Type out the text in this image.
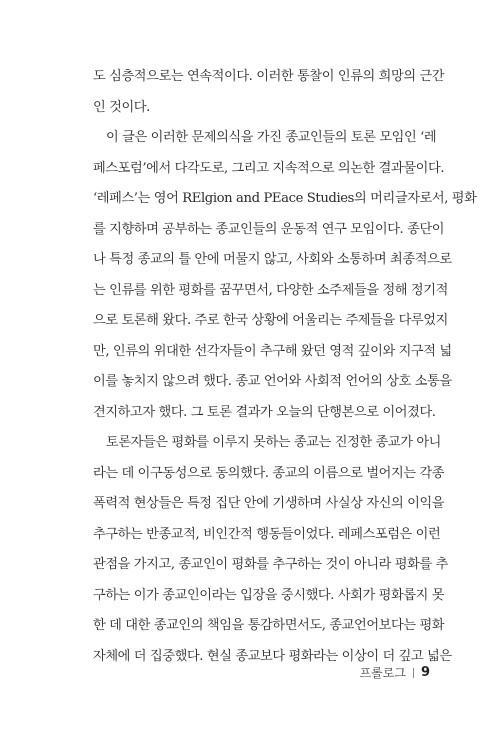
도 심층적으로는 연속적이다. 이러한 통찰이 인류의 희망의 근간
인 것이다.
이 글은 이러한 문제의식을 가진 종교인들의 토론 모임인 ‘레
페스포럼’에서 다각도로, 그리고 지속적으로 의논한 결과물이다.
‘레페스’는 영어 RElgion and PEace Studies의 머리글자로서, 평화
를 지향하며 공부하는 종교인들의 운동적 연구 모임이다. 종단이
나 특정 종교의 틀 안에 머물지 않고, 사회와 소통하며 최종적으로
는 인류를 위한 평화를 꿈꾸면서, 다양한 소주제들을 정해 정기적
으로 토론해 왔다. 주로 한국 상황에 어울리는 주제들을 다루었지
만, 인류의 위대한 선각자들이 추구해 왔던 영적 깊이와 지구적 넓
이를 놓치지 않으려 했다. 종교 언어와 사회적 언어의 상호 소통을
견지하고자 했다. 그 토론 결과가 오늘의 단행본으로 이어졌다.
토론자들은 평화를 이루지 못하는 종교는 진정한 종교가 아니
라는 데 이구동성으로 동의했다. 종교의 이름으로 벌어지는 각종
폭력적 현상들은 특정 집단 안에 기생하며 사실상 자신의 이익을
추구하는 반종교적, 비인간적 행동들이었다. 레페스포럼은 이런
관점을 가지고, 종교인이 평화를 추구하는 것이 아니라 평화를 추
구하는 이가 종교인이라는 입장을 중시했다. 사회가 평화롭지 못
한 데 대한 종교인의 책임을 통감하면서도, 종교언어보다는 평화
자체에 더 집중했다. 현실 종교보다 평화라는 이상이 더 깊고 넓은
프롤로그 9
